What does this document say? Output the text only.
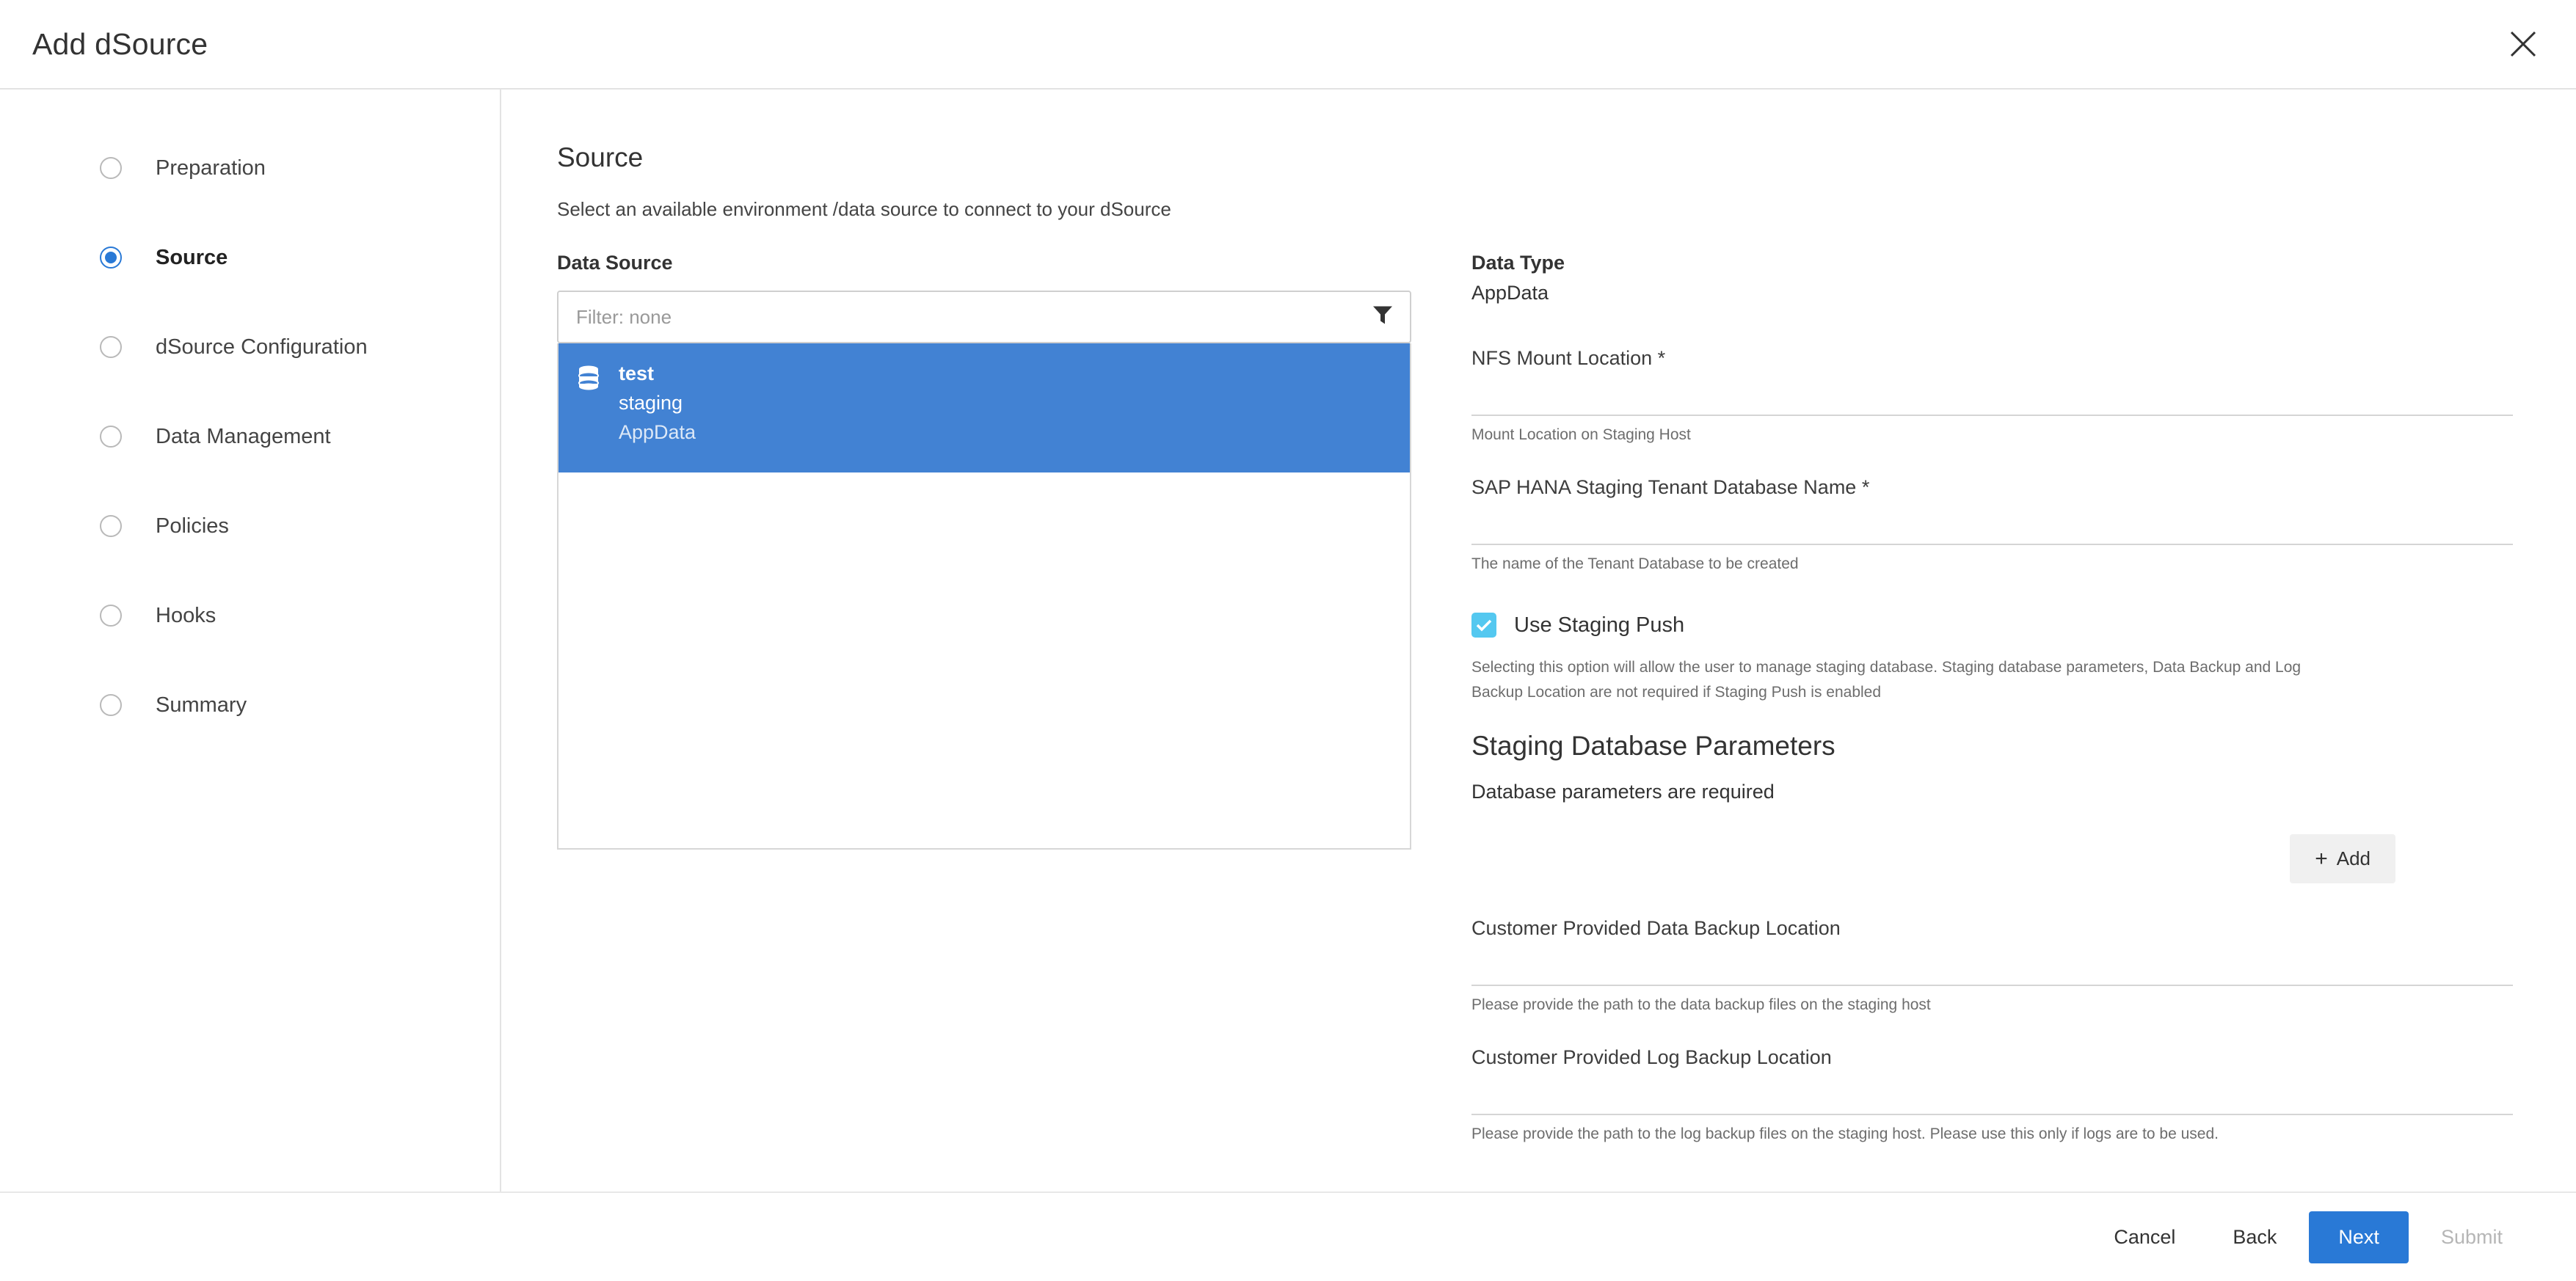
Add dSource
Preparation
Source
dSource Configuration
Data Management
Policies
Hooks
Summary
Source
Select an available environment /data source to connect to your dSource
Data Source
Filter: none
test
staging
AppData
Data Type
AppData
NFS Mount Location *
Mount Location on Staging Host
SAP HANA Staging Tenant Database Name *
The name of the Tenant Database to be created
Use Staging Push
Selecting this option will allow the user to manage staging database. Staging database parameters, Data Backup and Log Backup Location are not required if Staging Push is enabled
Staging Database Parameters
Database parameters are required
+ Add
Customer Provided Data Backup Location
Please provide the path to the data backup files on the staging host
Customer Provided Log Backup Location
Please provide the path to the log backup files on the staging host. Please use this only if logs are to be used.
Cancel	Back	Next	Submit
